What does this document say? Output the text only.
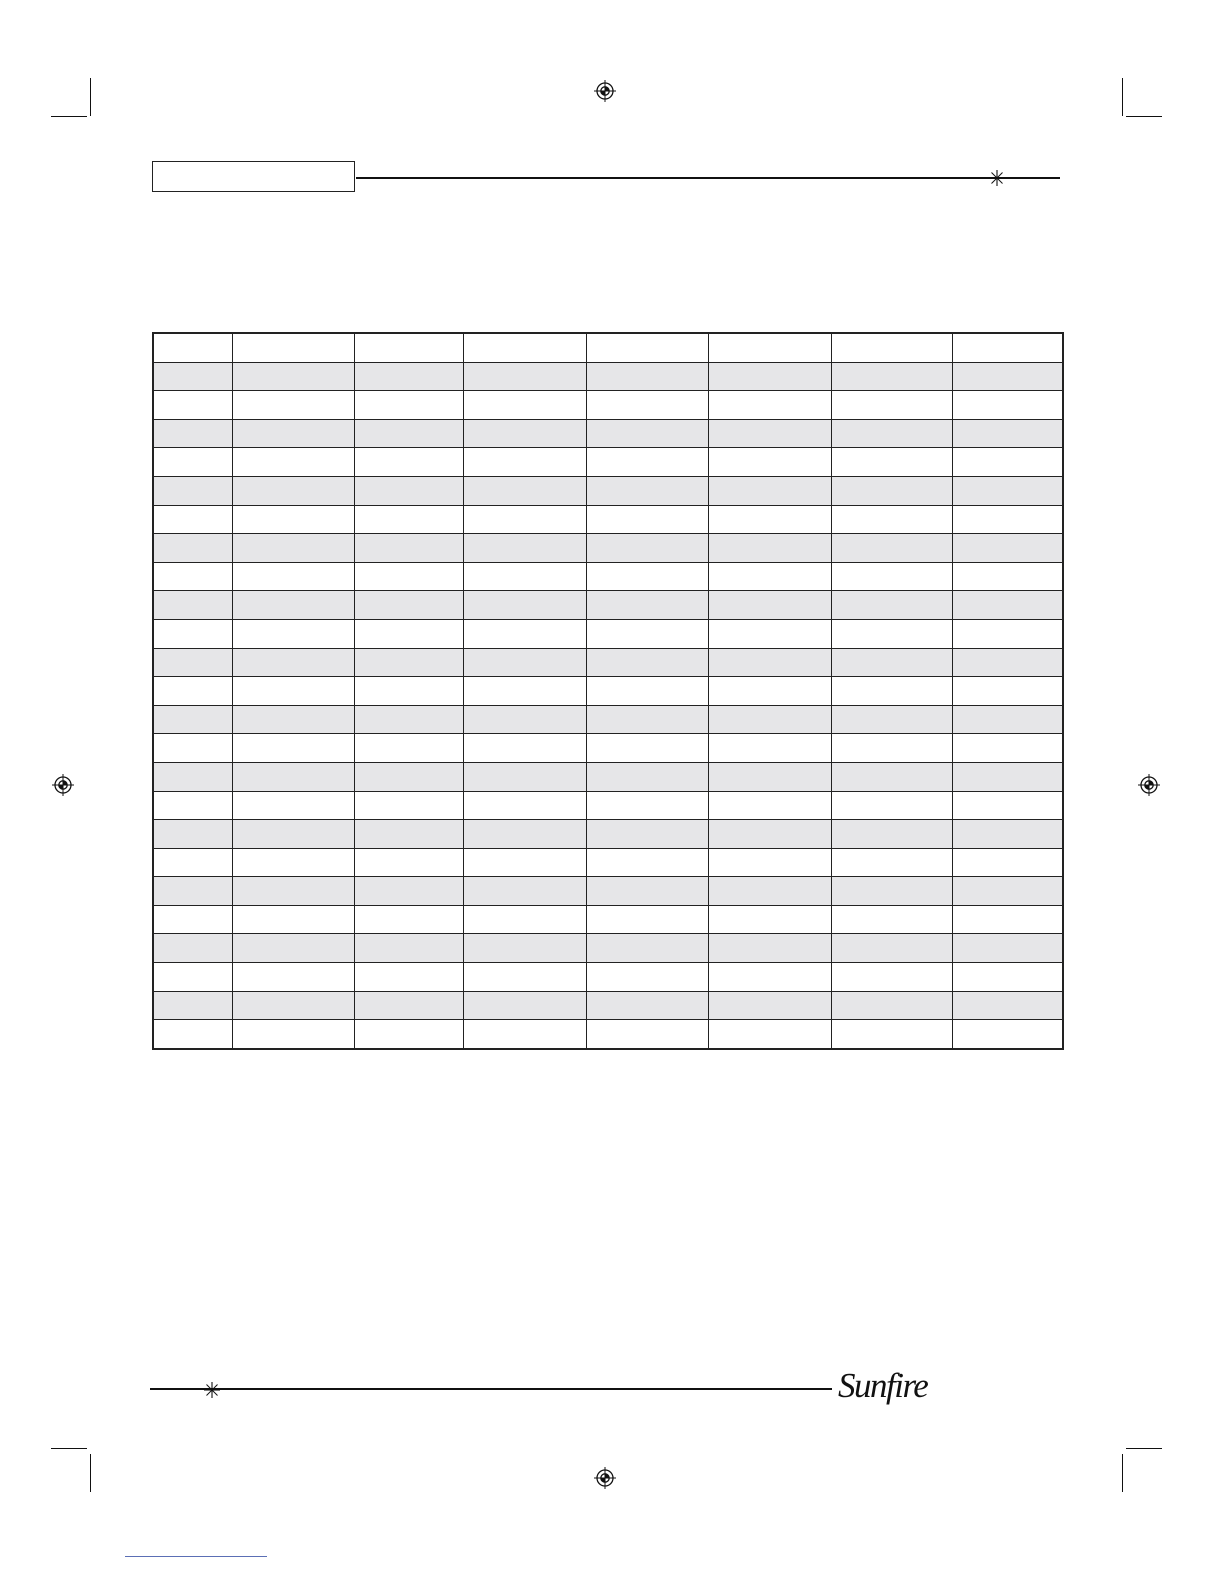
Sunfire
